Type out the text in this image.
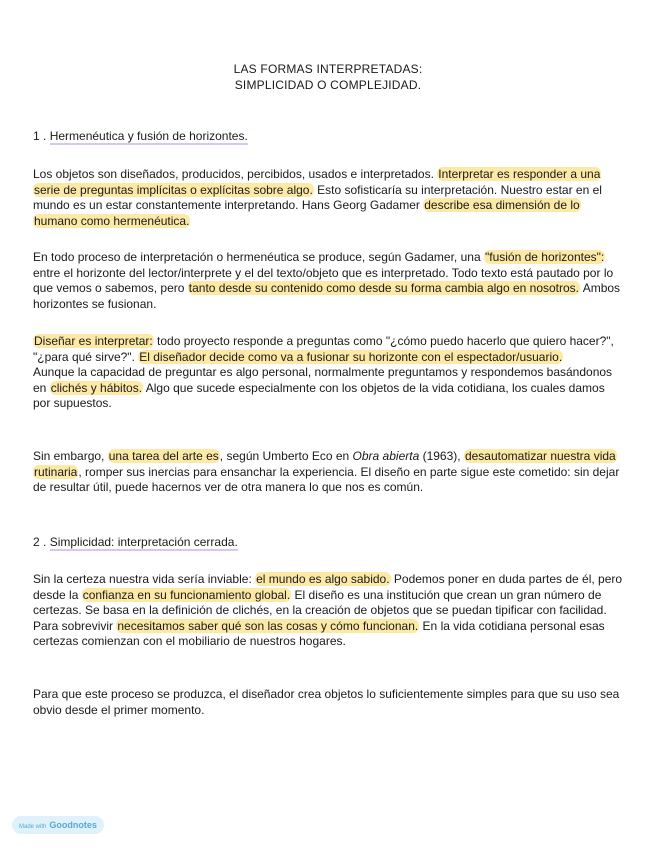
LAS FORMAS INTERPRETADAS:
SIMPLICIDAD O COMPLEJIDAD.
1 . Hermenéutica y fusión de horizontes.

Los objetos son diseñados, producidos, percibidos, usados e interpretados. Interpretar es responder a una serie de preguntas implícitas o explícitas sobre algo. Esto sofisticaría su interpretación. Nuestro estar en el mundo es un estar constantemente interpretando. Hans Georg Gadamer describe esa dimensión de lo humano como hermenéutica.

En todo proceso de interpretación o hermenéutica se produce, según Gadamer, una "fusión de horizontes": entre el horizonte del lector/interprete y el del texto/objeto que es interpretado. Todo texto está pautado por lo que vemos o sabemos, pero tanto desde su contenido como desde su forma cambia algo en nosotros. Ambos horizontes se fusionan.

Diseñar es interpretar: todo proyecto responde a preguntas como "¿cómo puedo hacerlo que quiero hacer?", "¿para qué sirve?". El diseñador decide como va a fusionar su horizonte con el espectador/usuario.

Aunque la capacidad de preguntar es algo personal, normalmente preguntamos y respondemos basándonos en clichés y hábitos. Algo que sucede especialmente con los objetos de la vida cotidiana, los cuales damos por supuestos.

Sin embargo, una tarea del arte es, según Umberto Eco en Obra abierta (1963), desautomatizar nuestra vida rutinaria, romper sus inercias para ensanchar la experiencia. El diseño en parte sigue este cometido: sin dejar de resultar útil, puede hacernos ver de otra manera lo que nos es común.

2 . Simplicidad: interpretación cerrada.

Sin la certeza nuestra vida sería inviable: el mundo es algo sabido. Podemos poner en duda partes de él, pero desde la confianza en su funcionamiento global. El diseño es una institución que crean un gran número de certezas. Se basa en la definición de clichés, en la creación de objetos que se puedan tipificar con facilidad.

Para sobrevivir necesitamos saber qué son las cosas y cómo funcionan. En la vida cotidiana personal esas certezas comienzan con el mobiliario de nuestros hogares.

Para que este proceso se produzca, el diseñador crea objetos lo suficientemente simples para que su uso sea obvio desde el primer momento.

Made with Goodnotes
